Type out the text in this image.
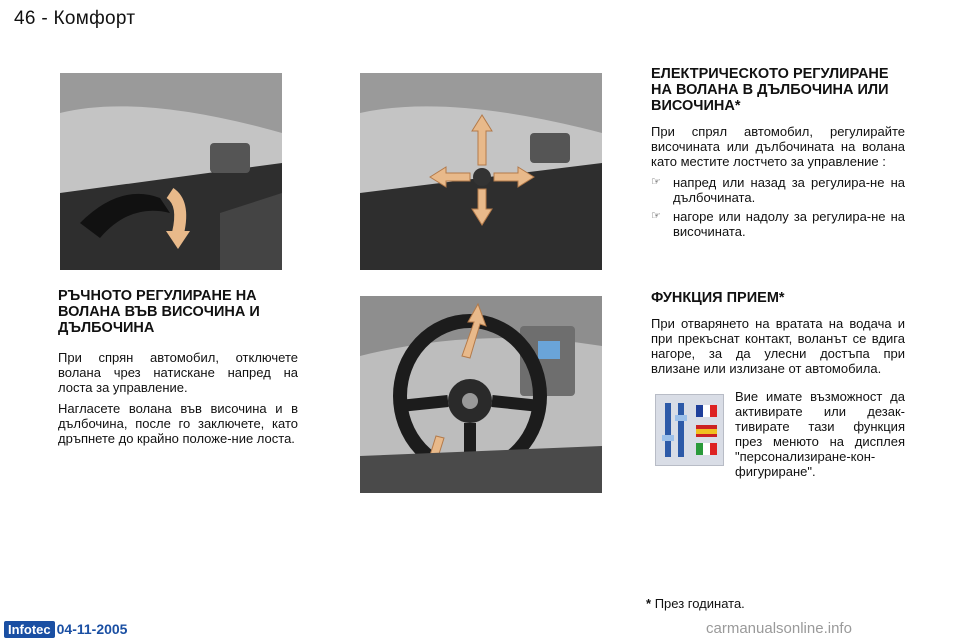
46 - Комфорт
РЪЧНОТО РЕГУЛИРАНЕ НА ВОЛАНА ВЪВ ВИСОЧИНА И ДЪЛБОЧИНА

При спрян автомобил, отключете волана чрез натискане напред на лоста за управление.

Нагласете волана във височина и в дълбочина, после го заключете, като дръпнете до крайно положе-ние лоста.

ЕЛЕКТРИЧЕСКОТО РЕГУЛИРАНЕ НА ВОЛАНА В ДЪЛБОЧИНА ИЛИ ВИСОЧИНА*

При спрял автомобил, регулирайте височината или дълбочината на волана като местите лостчето за управление :

☞ напред или назад за регулира-не на дълбочината.
☞ нагоре или надолу за регулира-не на височината.
ФУНКЦИЯ ПРИЕМ*

При отварянето на вратата на водача и при прекъснат контакт, воланът се вдига нагоре, за да улесни достъпа при влизане или излизане от автомобила.

Вие имате възможност да активирате или дезак-тивирате тази функция през менюто на дисплея "персонализиране-кон-фигуриране".

* През годината.
Infotec 04-11-2005	carmanualsonline.info
